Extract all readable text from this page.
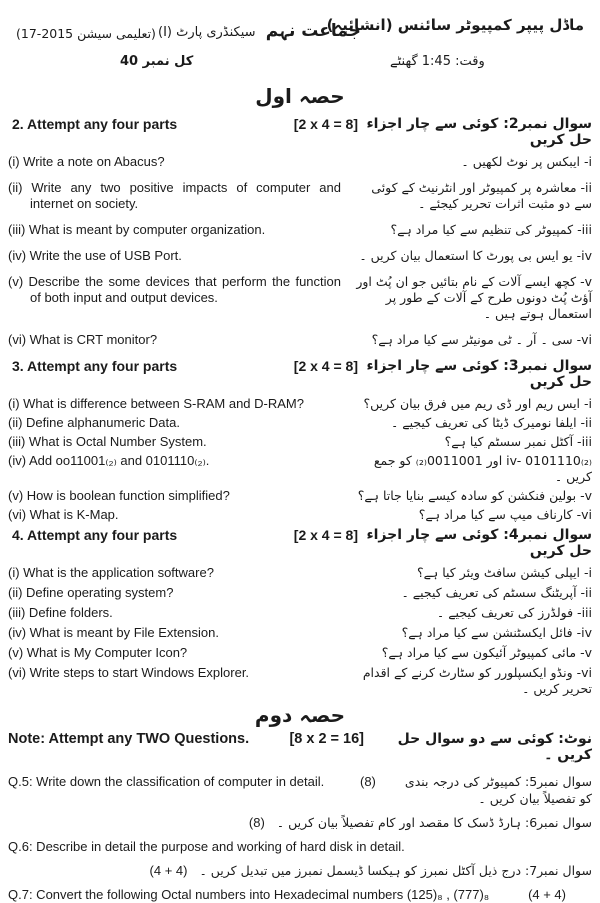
ماڈل پیپر کمپیوٹر سائنس (انشائیہ)
وقت: 1:45 گھنٹے
جماعت نہم سیکنڈری پارٹ (I)
(تعلیمی سیشن 2015-17)
کل نمبر 40
حصہ اول
2. Attempt any four parts	[2 x 4 = 8] سوال نمبر2: کوئی سے چار اجزاء حل کریں
(i) Write a note on Abacus?	i- ایبکس پر نوٹ لکھیں ۔
(ii) Write any two positive impacts of computer and internet on society.
ii- معاشرہ پر کمپیوٹر اور انٹرنیٹ کے کوئی سے دو مثبت اثرات تحریر کیجئے ۔
(iii) What is meant by computer organization.	iii- کمپیوٹر کی تنظیم سے کیا مراد ہے؟
(iv) Write the use of USB Port.	iv- یو ایس بی پورٹ کا استعمال بیان کریں ۔
(v) Describe the some devices that perform the function of both input and output devices.
v- کچھ ایسے آلات کے نام بتائیں جو ان پُٹ اور آؤٹ پُٹ دونوں طرح کے آلات کے طور پر استعمال ہوتے ہیں ۔
(vi) What is CRT monitor?	vi- سی ۔ آر ۔ ٹی مونیٹر سے کیا مراد ہے؟
3. Attempt any four parts	[2 x 4 = 8] سوال نمبر3: کوئی سے چار اجزاء حل کریں
(i) What is difference between S-RAM and D-RAM?	i- ایس ریم اور ڈی ریم میں فرق بیان کریں؟
(ii) Define alphanumeric Data.	ii- ایلفا نومیرک ڈیٹا کی تعریف کیجیے ۔
(iii) What is Octal Number System.	iii- آکٹل نمبر سسٹم کیا ہے؟
(iv) Add oo11001₍₂₎ and 0101110₍₂₎.	iv- 0101110₍₂₎ اور 0011001₍₂₎ کو جمع کریں ۔
(v) How is boolean function simplified?	v- بولین فنکشن کو سادہ کیسے بنایا جاتا ہے؟
(vi) What is K-Map.	vi- کارناف میپ سے کیا مراد ہے؟
4. Attempt any four parts	[2 x 4 = 8] سوال نمبر4: کوئی سے چار اجزاء حل کریں
(i) What is the application software?	i- ایپلی کیشن سافٹ ویئر کیا ہے؟
(ii) Define operating system?	ii- آپریٹنگ سسٹم کی تعریف کیجیے ۔
(iii) Define folders.	iii- فولڈرز کی تعریف کیجیے ۔
(iv) What is meant by File Extension.	iv- فائل ایکسٹنشن سے کیا مراد ہے؟
(v) What is My Computer Icon?	v- مائی کمپیوٹر آئیکون سے کیا مراد ہے؟
(vi) Write steps to start Windows Explorer.	vi- ونڈو ایکسپلورر کو سٹارٹ کرنے کے اقدام تحریر کریں ۔
حصہ دوم
Note: Attempt any TWO Questions.	[8 x 2 = 16]	نوٹ: کوئی سے دو سوال حل کریں ۔
Q.5: Write down the classification of computer in detail.	(8)	سوال نمبر5: کمپیوٹر کی درجہ بندی کو تفصیلاً بیان کریں ۔
(8) سوال نمبر6: ہارڈ ڈسک کا مقصد اور کام تفصیلاً بیان کریں ۔
Q.6: Describe in detail the purpose and working of hard disk in detail.
(4 + 4) سوال نمبر7: درج ذیل آکٹل نمبرز کو ہیکسا ڈیسمل نمبرز میں تبدیل کریں ۔
Q.7: Convert the following Octal numbers into Hexadecimal numbers (125)₈ , (777)₈	(4 + 4)
